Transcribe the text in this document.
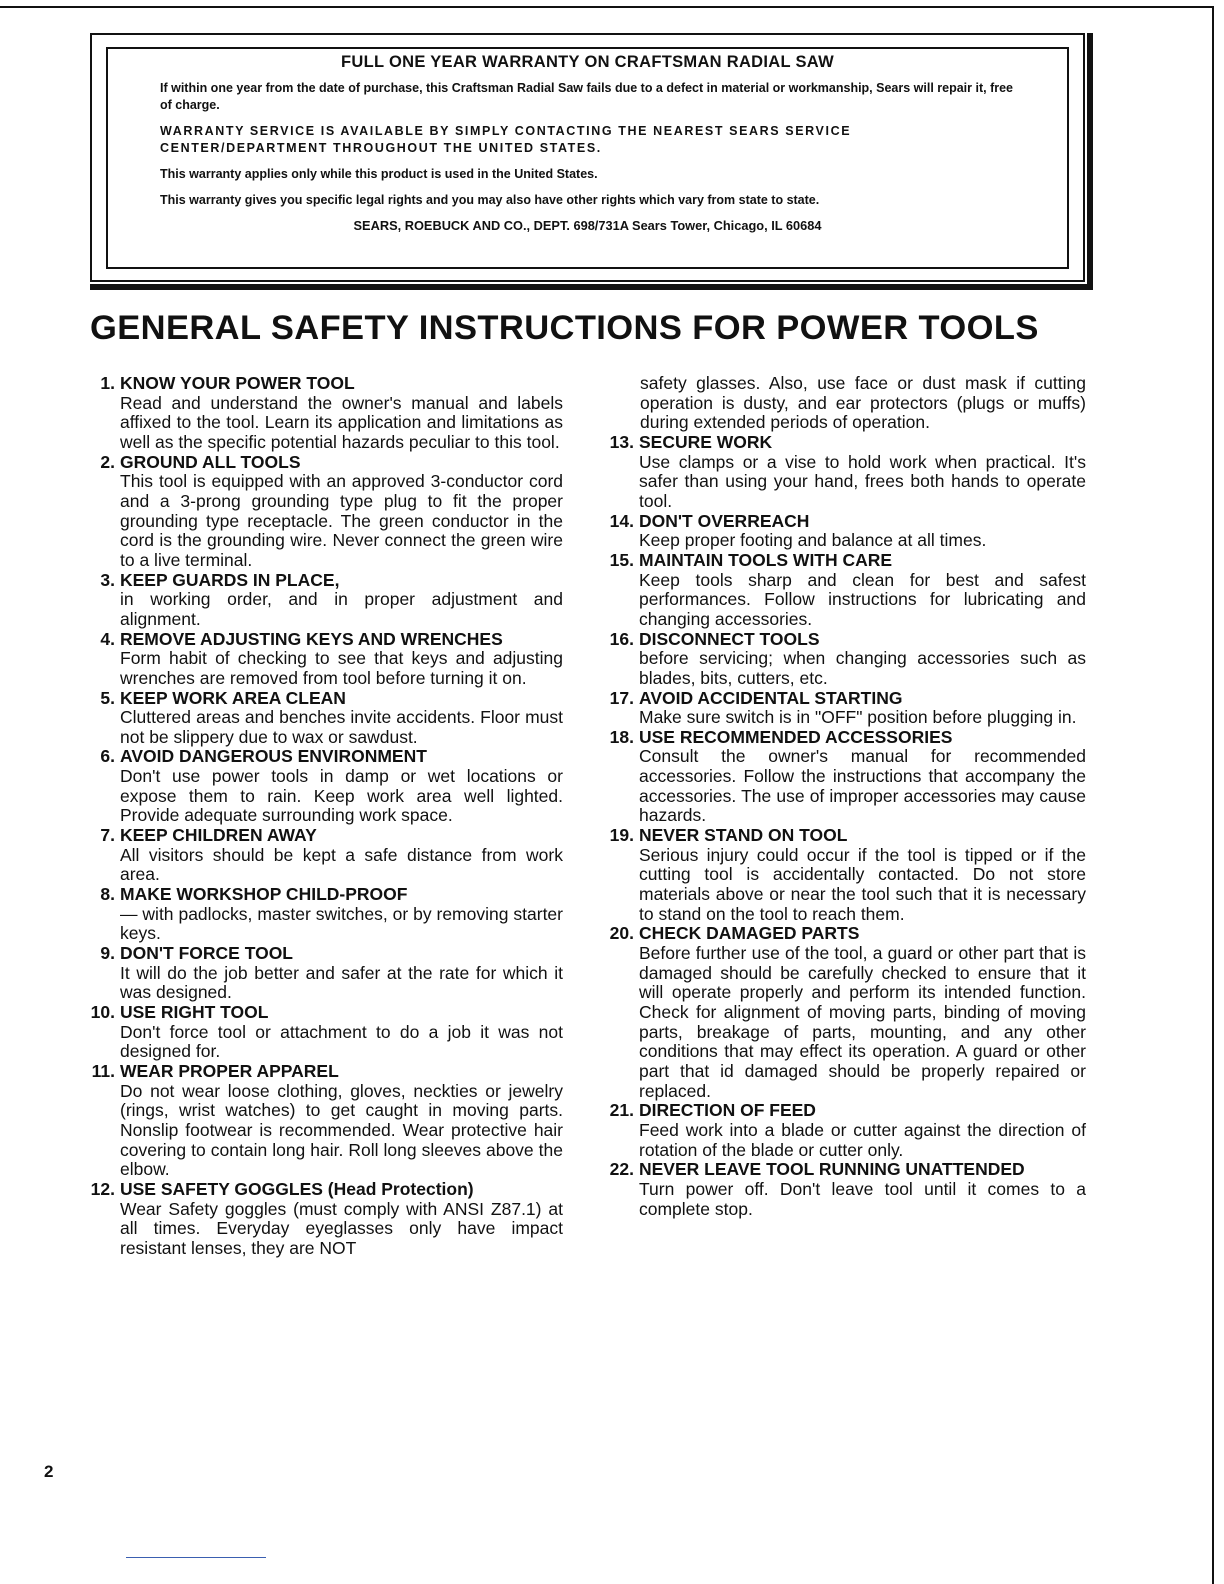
FULL ONE YEAR WARRANTY ON CRAFTSMAN RADIAL SAW

If within one year from the date of purchase, this Craftsman Radial Saw fails due to a defect in material or workmanship, Sears will repair it, free of charge.

WARRANTY SERVICE IS AVAILABLE BY SIMPLY CONTACTING THE NEAREST SEARS SERVICE CENTER/DEPARTMENT THROUGHOUT THE UNITED STATES.

This warranty applies only while this product is used in the United States.

This warranty gives you specific legal rights and you may also have other rights which vary from state to state.

SEARS, ROEBUCK AND CO., DEPT. 698/731A Sears Tower, Chicago, IL 60684

GENERAL SAFETY INSTRUCTIONS FOR POWER TOOLS
1. KNOW YOUR POWER TOOL
Read and understand the owner's manual and labels affixed to the tool. Learn its application and limitations as well as the specific potential hazards peculiar to this tool.
2. GROUND ALL TOOLS
This tool is equipped with an approved 3-conductor cord and a 3-prong grounding type plug to fit the proper grounding type receptacle. The green conductor in the cord is the grounding wire. Never connect the green wire to a live terminal.
3. KEEP GUARDS IN PLACE,
in working order, and in proper adjustment and alignment.
4. REMOVE ADJUSTING KEYS AND WRENCHES
Form habit of checking to see that keys and adjusting wrenches are removed from tool before turning it on.
5. KEEP WORK AREA CLEAN
Cluttered areas and benches invite accidents. Floor must not be slippery due to wax or sawdust.
6. AVOID DANGEROUS ENVIRONMENT
Don't use power tools in damp or wet locations or expose them to rain. Keep work area well lighted. Provide adequate surrounding work space.
7. KEEP CHILDREN AWAY
All visitors should be kept a safe distance from work area.
8. MAKE WORKSHOP CHILD-PROOF
— with padlocks, master switches, or by removing starter keys.
9. DON'T FORCE TOOL
It will do the job better and safer at the rate for which it was designed.
10. USE RIGHT TOOL
Don't force tool or attachment to do a job it was not designed for.
11. WEAR PROPER APPAREL
Do not wear loose clothing, gloves, neckties or jewelry (rings, wrist watches) to get caught in moving parts. Nonslip footwear is recommended. Wear protective hair covering to contain long hair. Roll long sleeves above the elbow.
12. USE SAFETY GOGGLES (Head Protection)
Wear Safety goggles (must comply with ANSI Z87.1) at all times. Everyday eyeglasses only have impact resistant lenses, they are NOT
safety glasses. Also, use face or dust mask if cutting operation is dusty, and ear protectors (plugs or muffs) during extended periods of operation.
13. SECURE WORK
Use clamps or a vise to hold work when practical. It's safer than using your hand, frees both hands to operate tool.
14. DON'T OVERREACH
Keep proper footing and balance at all times.
15. MAINTAIN TOOLS WITH CARE
Keep tools sharp and clean for best and safest performances. Follow instructions for lubricating and changing accessories.
16. DISCONNECT TOOLS
before servicing; when changing accessories such as blades, bits, cutters, etc.
17. AVOID ACCIDENTAL STARTING
Make sure switch is in "OFF" position before plugging in.
18. USE RECOMMENDED ACCESSORIES
Consult the owner's manual for recommended accessories. Follow the instructions that accompany the accessories. The use of improper accessories may cause hazards.
19. NEVER STAND ON TOOL
Serious injury could occur if the tool is tipped or if the cutting tool is accidentally contacted. Do not store materials above or near the tool such that it is necessary to stand on the tool to reach them.
20. CHECK DAMAGED PARTS
Before further use of the tool, a guard or other part that is damaged should be carefully checked to ensure that it will operate properly and perform its intended function. Check for alignment of moving parts, binding of moving parts, breakage of parts, mounting, and any other conditions that may effect its operation. A guard or other part that id damaged should be properly repaired or replaced.
21. DIRECTION OF FEED
Feed work into a blade or cutter against the direction of rotation of the blade or cutter only.
22. NEVER LEAVE TOOL RUNNING UNATTENDED
Turn power off. Don't leave tool until it comes to a complete stop.
2
